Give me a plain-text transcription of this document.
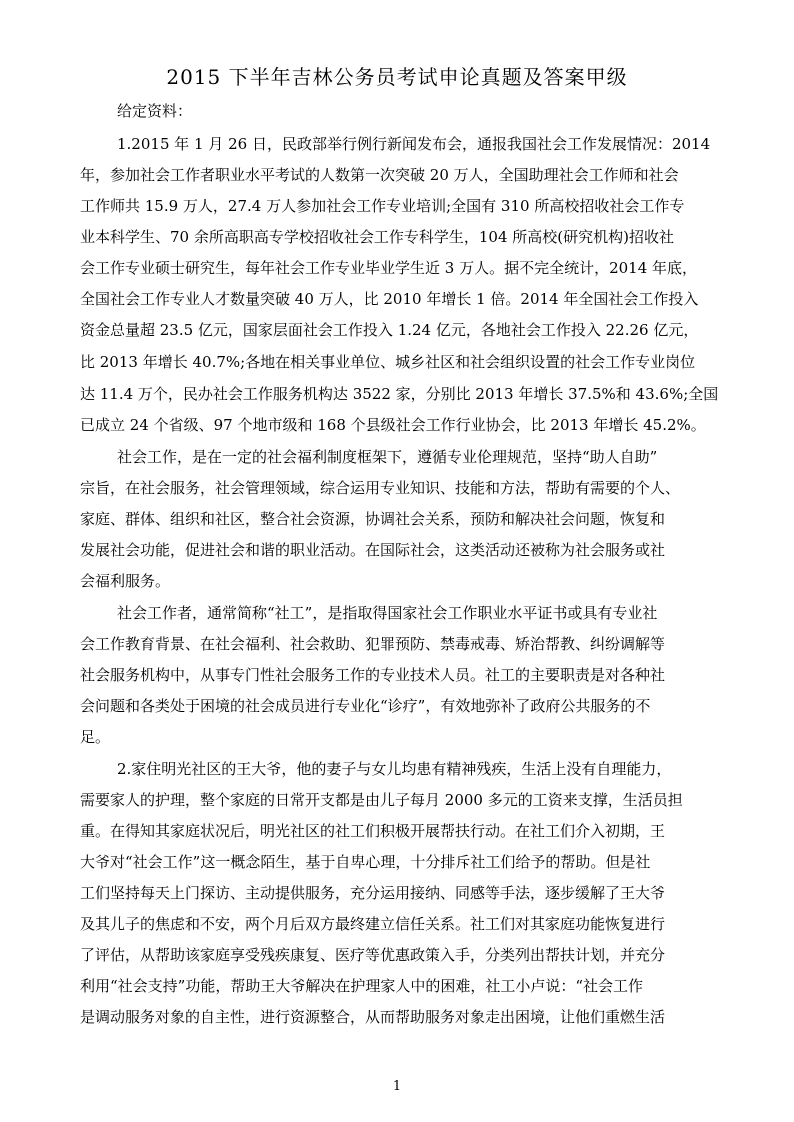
2015 下半年吉林公务员考试申论真题及答案甲级
给定资料：
1.2015 年 1 月 26 日，民政部举行例行新闻发布会，通报我国社会工作发展情况：2014
年，参加社会工作者职业水平考试的人数第一次突破 20 万人，全国助理社会工作师和社会
工作师共 15.9 万人，27.4 万人参加社会工作专业培训;全国有 310 所高校招收社会工作专
业本科学生、70 余所高职高专学校招收社会工作专科学生，104 所高校(研究机构)招收社
会工作专业硕士研究生，每年社会工作专业毕业学生近 3 万人。据不完全统计，2014 年底，
全国社会工作专业人才数量突破 40 万人，比 2010 年增长 1 倍。2014 年全国社会工作投入
资金总量超 23.5 亿元，国家层面社会工作投入 1.24 亿元，各地社会工作投入 22.26 亿元，
比 2013 年增长 40.7%;各地在相关事业单位、城乡社区和社会组织设置的社会工作专业岗位
达 11.4 万个，民办社会工作服务机构达 3522 家，分别比 2013 年增长 37.5%和 43.6%;全国
已成立 24 个省级、97 个地市级和 168 个县级社会工作行业协会，比 2013 年增长 45.2%。
社会工作，是在一定的社会福利制度框架下，遵循专业伦理规范，坚持“助人自助”
宗旨，在社会服务，社会管理领域，综合运用专业知识、技能和方法，帮助有需要的个人、
家庭、群体、组织和社区，整合社会资源，协调社会关系，预防和解决社会问题，恢复和
发展社会功能，促进社会和谐的职业活动。在国际社会，这类活动还被称为社会服务或社
会福利服务。
社会工作者，通常简称“社工”，是指取得国家社会工作职业水平证书或具有专业社
会工作教育背景、在社会福利、社会救助、犯罪预防、禁毒戒毒、矫治帮教、纠纷调解等
社会服务机构中，从事专门性社会服务工作的专业技术人员。社工的主要职责是对各种社
会问题和各类处于困境的社会成员进行专业化“诊疗”，有效地弥补了政府公共服务的不
足。
2.家住明光社区的王大爷，他的妻子与女儿均患有精神残疾，生活上没有自理能力，
需要家人的护理，整个家庭的日常开支都是由儿子每月 2000 多元的工资来支撑，生活员担
重。在得知其家庭状况后，明光社区的社工们积极开展帮扶行动。在社工们介入初期，王
大爷对“社会工作”这一概念陌生，基于自卑心理，十分排斥社工们给予的帮助。但是社
工们坚持每天上门探访、主动提供服务，充分运用接纳、同感等手法，逐步缓解了王大爷
及其儿子的焦虑和不安，两个月后双方最终建立信任关系。社工们对其家庭功能恢复进行
了评估，从帮助该家庭享受残疾康复、医疗等优惠政策入手，分类列出帮扶计划，并充分
利用“社会支持”功能，帮助王大爷解决在护理家人中的困难，社工小卢说：“社会工作
是调动服务对象的自主性，进行资源整合，从而帮助服务对象走出困境，让他们重燃生活
1
